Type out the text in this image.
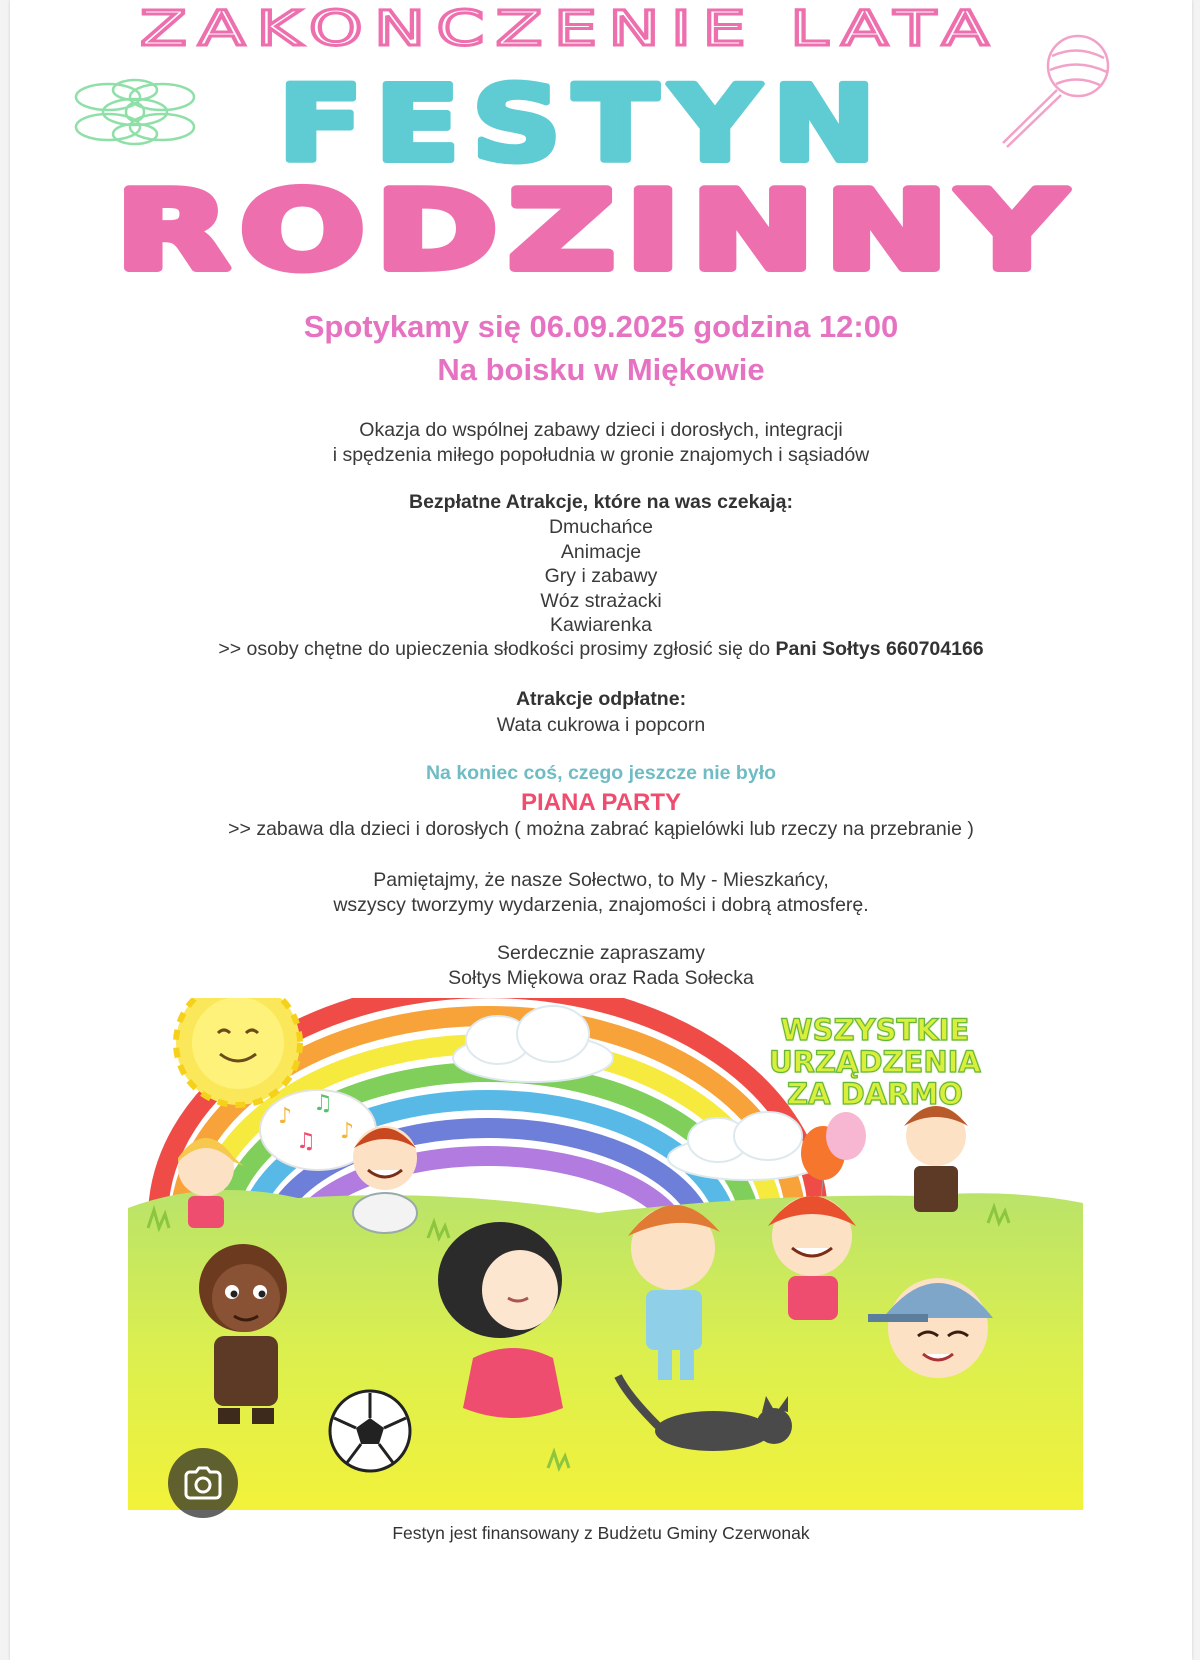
ZAKONCZENIE LATA
FESTYN
RODZINNY
Spotykamy się 06.09.2025 godzina 12:00
Na boisku w Miękowie
Okazja do wspólnej zabawy dzieci i dorosłych, integracji
i spędzenia miłego popołudnia w gronie znajomych i sąsiadów
Bezpłatne Atrakcje, które na was czekają:
Dmuchańce
Animacje
Gry i zabawy
Wóz strażacki
Kawiarenka
>> osoby chętne do upieczenia słodkości prosimy zgłosić się do Pani Sołtys 660704166
Atrakcje odpłatne:
Wata cukrowa i popcorn
Na koniec coś, czego jeszcze nie było
PIANA PARTY
>> zabawa dla dzieci i dorosłych ( można zabrać kąpielówki lub rzeczy na przebranie )
Pamiętajmy, że nasze Sołectwo, to My - Mieszkańcy,
wszyscy tworzymy wydarzenia, znajomości i dobrą atmosferę.
Serdecznie zapraszamy
Sołtys Miękowa oraz Rada Sołecka
♪
♫
♫ ♪
WSZYSTKIE
URZĄDZENIA
ZA DARMO
Festyn jest finansowany z Budżetu Gminy Czerwonak
